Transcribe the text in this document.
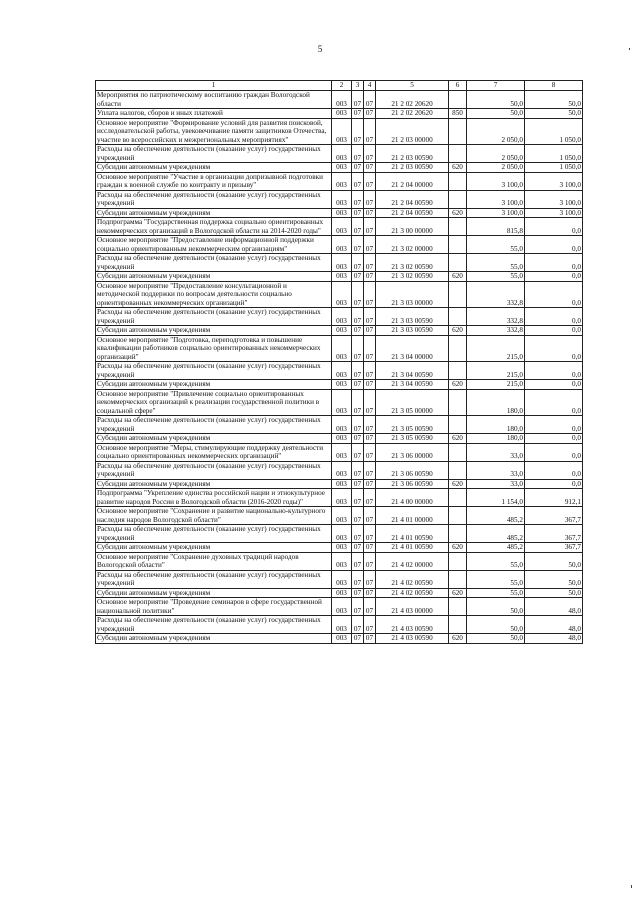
5
1	2	3	4	5	6	7	8
Мероприятия по патриотическому воспитанию граждан Вологодской области	003	07	07	21 2 02 20620		50,0	50,0
Уплата налогов, сборов и иных платежей	003	07	07	21 2 02 20620	850	50,0	50,0
Основное мероприятие "Формирование условий для развития поисковой, исследовательской работы, увековечивание памяти защитников Отечества, участие во всероссийских и межрегиональных мероприятиях"	003	07	07	21 2 03 00000		2 050,0	1 050,0
Расходы на обеспечение деятельности (оказание услуг) государственных учреждений	003	07	07	21 2 03 00590		2 050,0	1 050,0
Субсидии автономным учреждениям	003	07	07	21 2 03 00590	620	2 050,0	1 050,0
Основное мероприятие "Участие в организации допризывной подготовки граждан к военной службе по контракту и призыву"	003	07	07	21 2 04 00000		3 100,0	3 100,0
Расходы на обеспечение деятельности (оказание услуг) государственных учреждений	003	07	07	21 2 04 00590		3 100,0	3 100,0
Субсидии автономным учреждениям	003	07	07	21 2 04 00590	620	3 100,0	3 100,0
Подпрограмма "Государственная поддержка социально ориентированных некоммерческих организаций в Вологодской области на 2014-2020 годы"	003	07	07	21 3 00 00000		815,8	0,0
Основное мероприятие "Предоставление информационной поддержки социально ориентированным некоммерческим организациям"	003	07	07	21 3 02 00000		55,0	0,0
Расходы на обеспечение деятельности (оказание услуг) государственных учреждений	003	07	07	21 3 02 00590		55,0	0,0
Субсидии автономным учреждениям	003	07	07	21 3 02 00590	620	55,0	0,0
Основное мероприятие "Предоставление консультационной и методической поддержки по вопросам деятельности социально ориентированных некоммерческих организаций"	003	07	07	21 3 03 00000		332,8	0,0
Расходы на обеспечение деятельности (оказание услуг) государственных учреждений	003	07	07	21 3 03 00590		332,8	0,0
Субсидии автономным учреждениям	003	07	07	21 3 03 00590	620	332,8	0,0
Основное мероприятие "Подготовка, переподготовка и повышение квалификации работников социально ориентированных некоммерческих организаций"	003	07	07	21 3 04 00000		215,0	0,0
Расходы на обеспечение деятельности (оказание услуг) государственных учреждений	003	07	07	21 3 04 00590		215,0	0,0
Субсидии автономным учреждениям	003	07	07	21 3 04 00590	620	215,0	0,0
Основное мероприятие "Привлечение социально ориентированных некоммерческих организаций к реализации государственной политики в социальной сфере"	003	07	07	21 3 05 00000		180,0	0,0
Расходы на обеспечение деятельности (оказание услуг) государственных учреждений	003	07	07	21 3 05 00590		180,0	0,0
Субсидии автономным учреждениям	003	07	07	21 3 05 00590	620	180,0	0,0
Основное мероприятие "Меры, стимулирующие поддержку деятельности социально ориентированных некоммерческих организаций"	003	07	07	21 3 06 00000		33,0	0,0
Расходы на обеспечение деятельности (оказание услуг) государственных учреждений	003	07	07	21 3 06 00590		33,0	0,0
Субсидии автономным учреждениям	003	07	07	21 3 06 00590	620	33,0	0,0
Подпрограмма "Укрепление единства российской нации и этнокультурное развитие народов России в Вологодской области (2016-2020 годы)"	003	07	07	21 4 00 00000		1 154,0	912,1
Основное мероприятие "Сохранение и развитие национально-культурного наследия народов Вологодской области"	003	07	07	21 4 01 00000		485,2	367,7
Расходы на обеспечение деятельности (оказание услуг) государственных учреждений	003	07	07	21 4 01 00590		485,2	367,7
Субсидии автономным учреждениям	003	07	07	21 4 01 00590	620	485,2	367,7
Основное мероприятие "Сохранение духовных традиций народов Вологодской области"	003	07	07	21 4 02 00000		55,0	50,0
Расходы на обеспечение деятельности (оказание услуг) государственных учреждений	003	07	07	21 4 02 00590		55,0	50,0
Субсидии автономным учреждениям	003	07	07	21 4 02 00590	620	55,0	50,0
Основное мероприятие "Проведение семинаров в сфере государственной национальной политики"	003	07	07	21 4 03 00000		50,0	48,0
Расходы на обеспечение деятельности (оказание услуг) государственных учреждений	003	07	07	21 4 03 00590		50,0	48,0
Субсидии автономным учреждениям	003	07	07	21 4 03 00590	620	50,0	48,0
